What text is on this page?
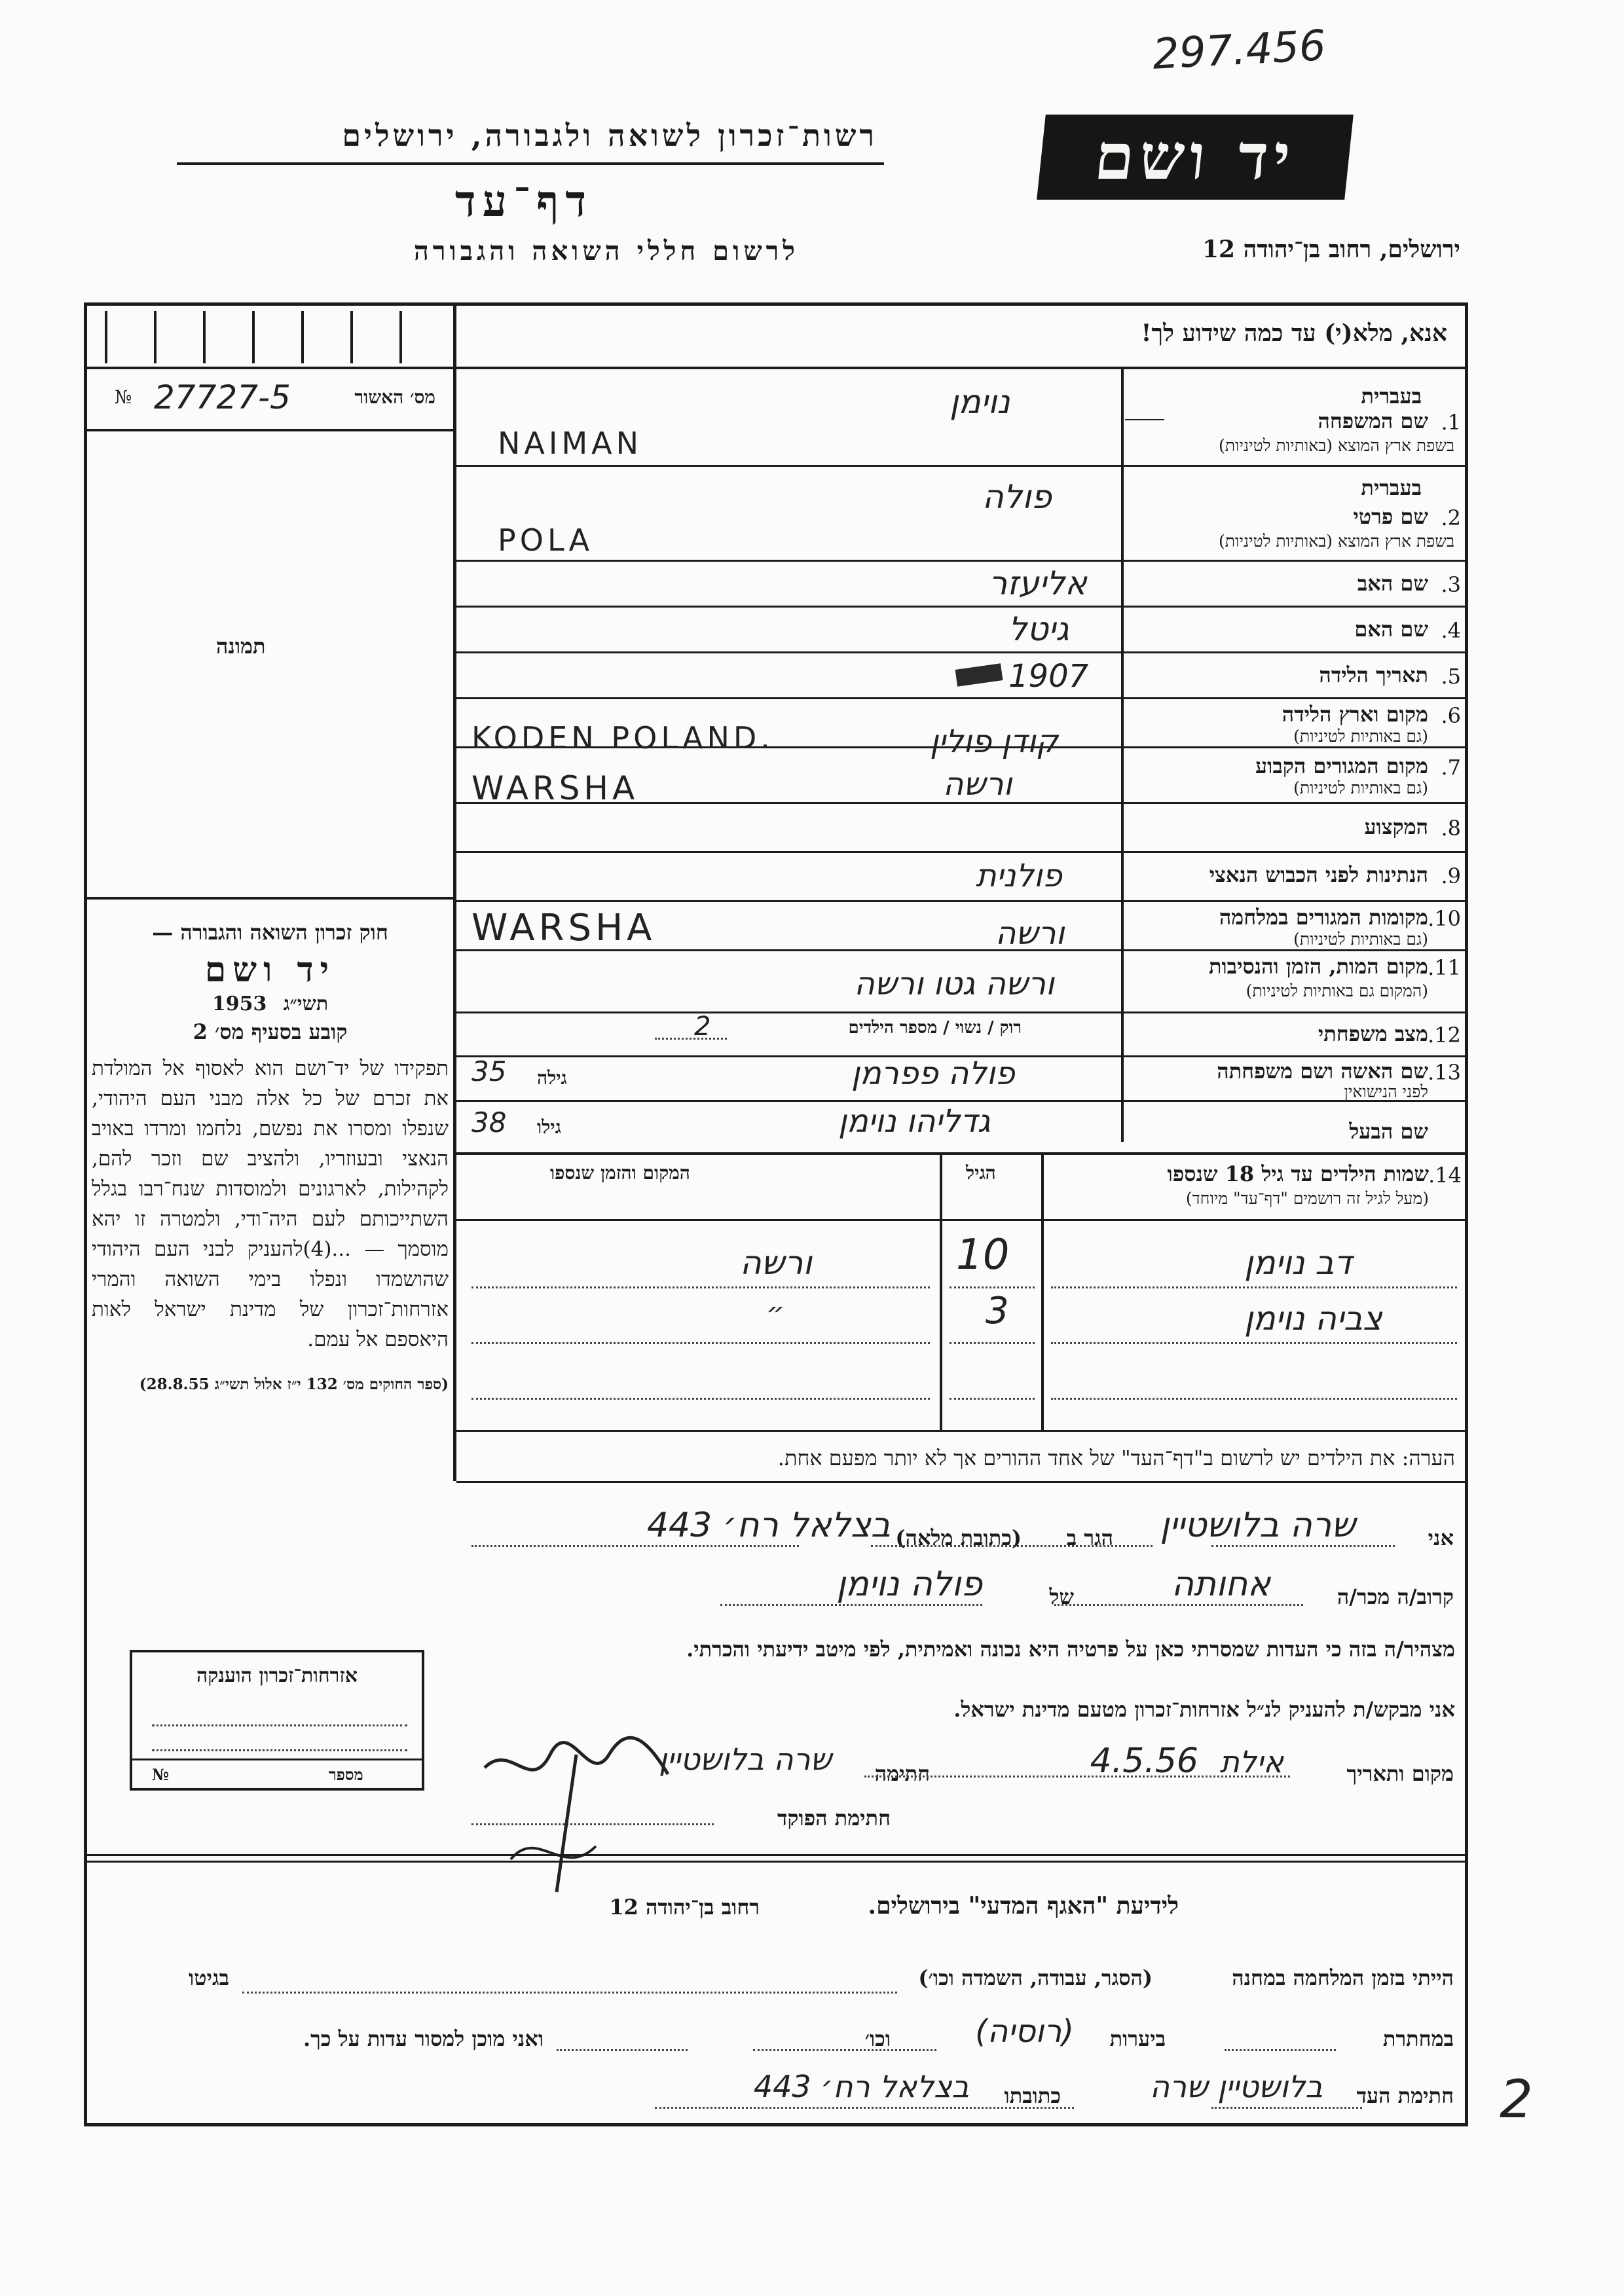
297.456
רשות־זכרון לשואה ולגבורה, ירושלים
דף־עד
לרשום חללי השואה והגבורה
יד ושם
ירושלים, רחוב בן־יהודה 12
אנא, מלא(י) עד כמה שידוע לך!
מס׳ האשור
№ 27727-5
תמונה
חוק זכרון השואה והגבורה —
יד ושם
תשי״ג 1953
קובע בסעיף מס׳ 2
תפקידו של יד־ושם הוא לאסוף אל המולדת את זכרם של כל אלה מבני העם היהודי, שנפלו ומסרו את נפשם, נלחמו ומרדו באויב הנאצי ובעוזריו, ולהציב שם וזכר להם, לקהילות, לארגונים ולמוסדות שנח־רבו בגלל השתייכותם לעם היה־ודי, ולמטרה זו יהא מוסמך — ...(4)להעניק לבני העם היהודי שהושמדו ונפלו בימי השואה והמרי אזרחות־זכרון של מדינת ישראל לאות היאספם אל עמם.
(ספר החוקים מס׳ 132 י״ז אלול תשי״ג 28.8.55)
בעברית
1.
שם המשפחה
בשפת ארץ המוצא (באותיות לטיניות)
נוימן
NAIMAN
בעברית
2.
שם פרטי
בשפת ארץ המוצא (באותיות לטיניות)
פולה
POLA
3.
שם האב
אליעזר
4.
שם האם
גיטל
5.
תאריך הלידה
1907
6.
מקום וארץ הלידה
(גם באותיות לטיניות)
קודן פולין
KODEN POLAND.
7.
מקום המגורים הקבוע
(גם באותיות לטיניות)
ורשה
WARSHA
8.
המקצוע
9.
הנתינות לפני הכבוש הנאצי
פולנית
10.
מקומות המגורים במלחמה
(גם באותיות לטיניות)
ורשה
WARSHA
11.
מקום המות, הזמן והנסיבות
(המקום גם באותיות לטיניות)
ורשה גטו ורשה
12.
מצב משפחתי
רוק / נשוי / מספר הילדים
2
13.
שם האשה ושם משפחתה
לפני הנישואין
פולה פפרמן
גילה
35
שם הבעל
גדליהו נוימן
גילו
38
14.
שמות הילדים עד גיל 18 שנספו
(מעל לגיל זה רושמים "דף־עד" מיוחד)
הגיל
המקום והזמן שנספו
דב נוימן
10
ורשה
צביה נוימן
3
״
הערה: את הילדים יש לרשום ב"דף־העד" של אחד ההורים אך לא יותר מפעם אחת.
אני
שרה בלושטיין
הגר ב
(כתובת מלאה)
בצלאל רח׳ 443
קרוב/ה מכר/ה
אחותה
של
פולה נוימן
מצהיר/ה בזה כי העדות שמסרתי כאן על פרטיה היא נכונה ואמיתית, לפי מיטב ידיעתי והכרתי.
אני מבקש/ת להעניק לנ״ל אזרחות־זכרון מטעם מדינת ישראל.
מקום ותאריך
אילת
4.5.56
חתימה
שרה בלושטיין
חתימת הפוקד
אזרחות־זכרון הוענקה
№	מספר
לידיעת "האגף המדעי" בירושלים.
רחוב בן־יהודה 12
הייתי בזמן המלחמה במחנה
(הסגר, עבודה, השמדה וכו׳)
בגיטו
במחתרת
ביערות
(רוסיה)
וכו׳
ואני מוכן למסור עדות על כך.
חתימת העד
בלושטיין שרה
כתובתו
בצלאל רח׳ 443	2
